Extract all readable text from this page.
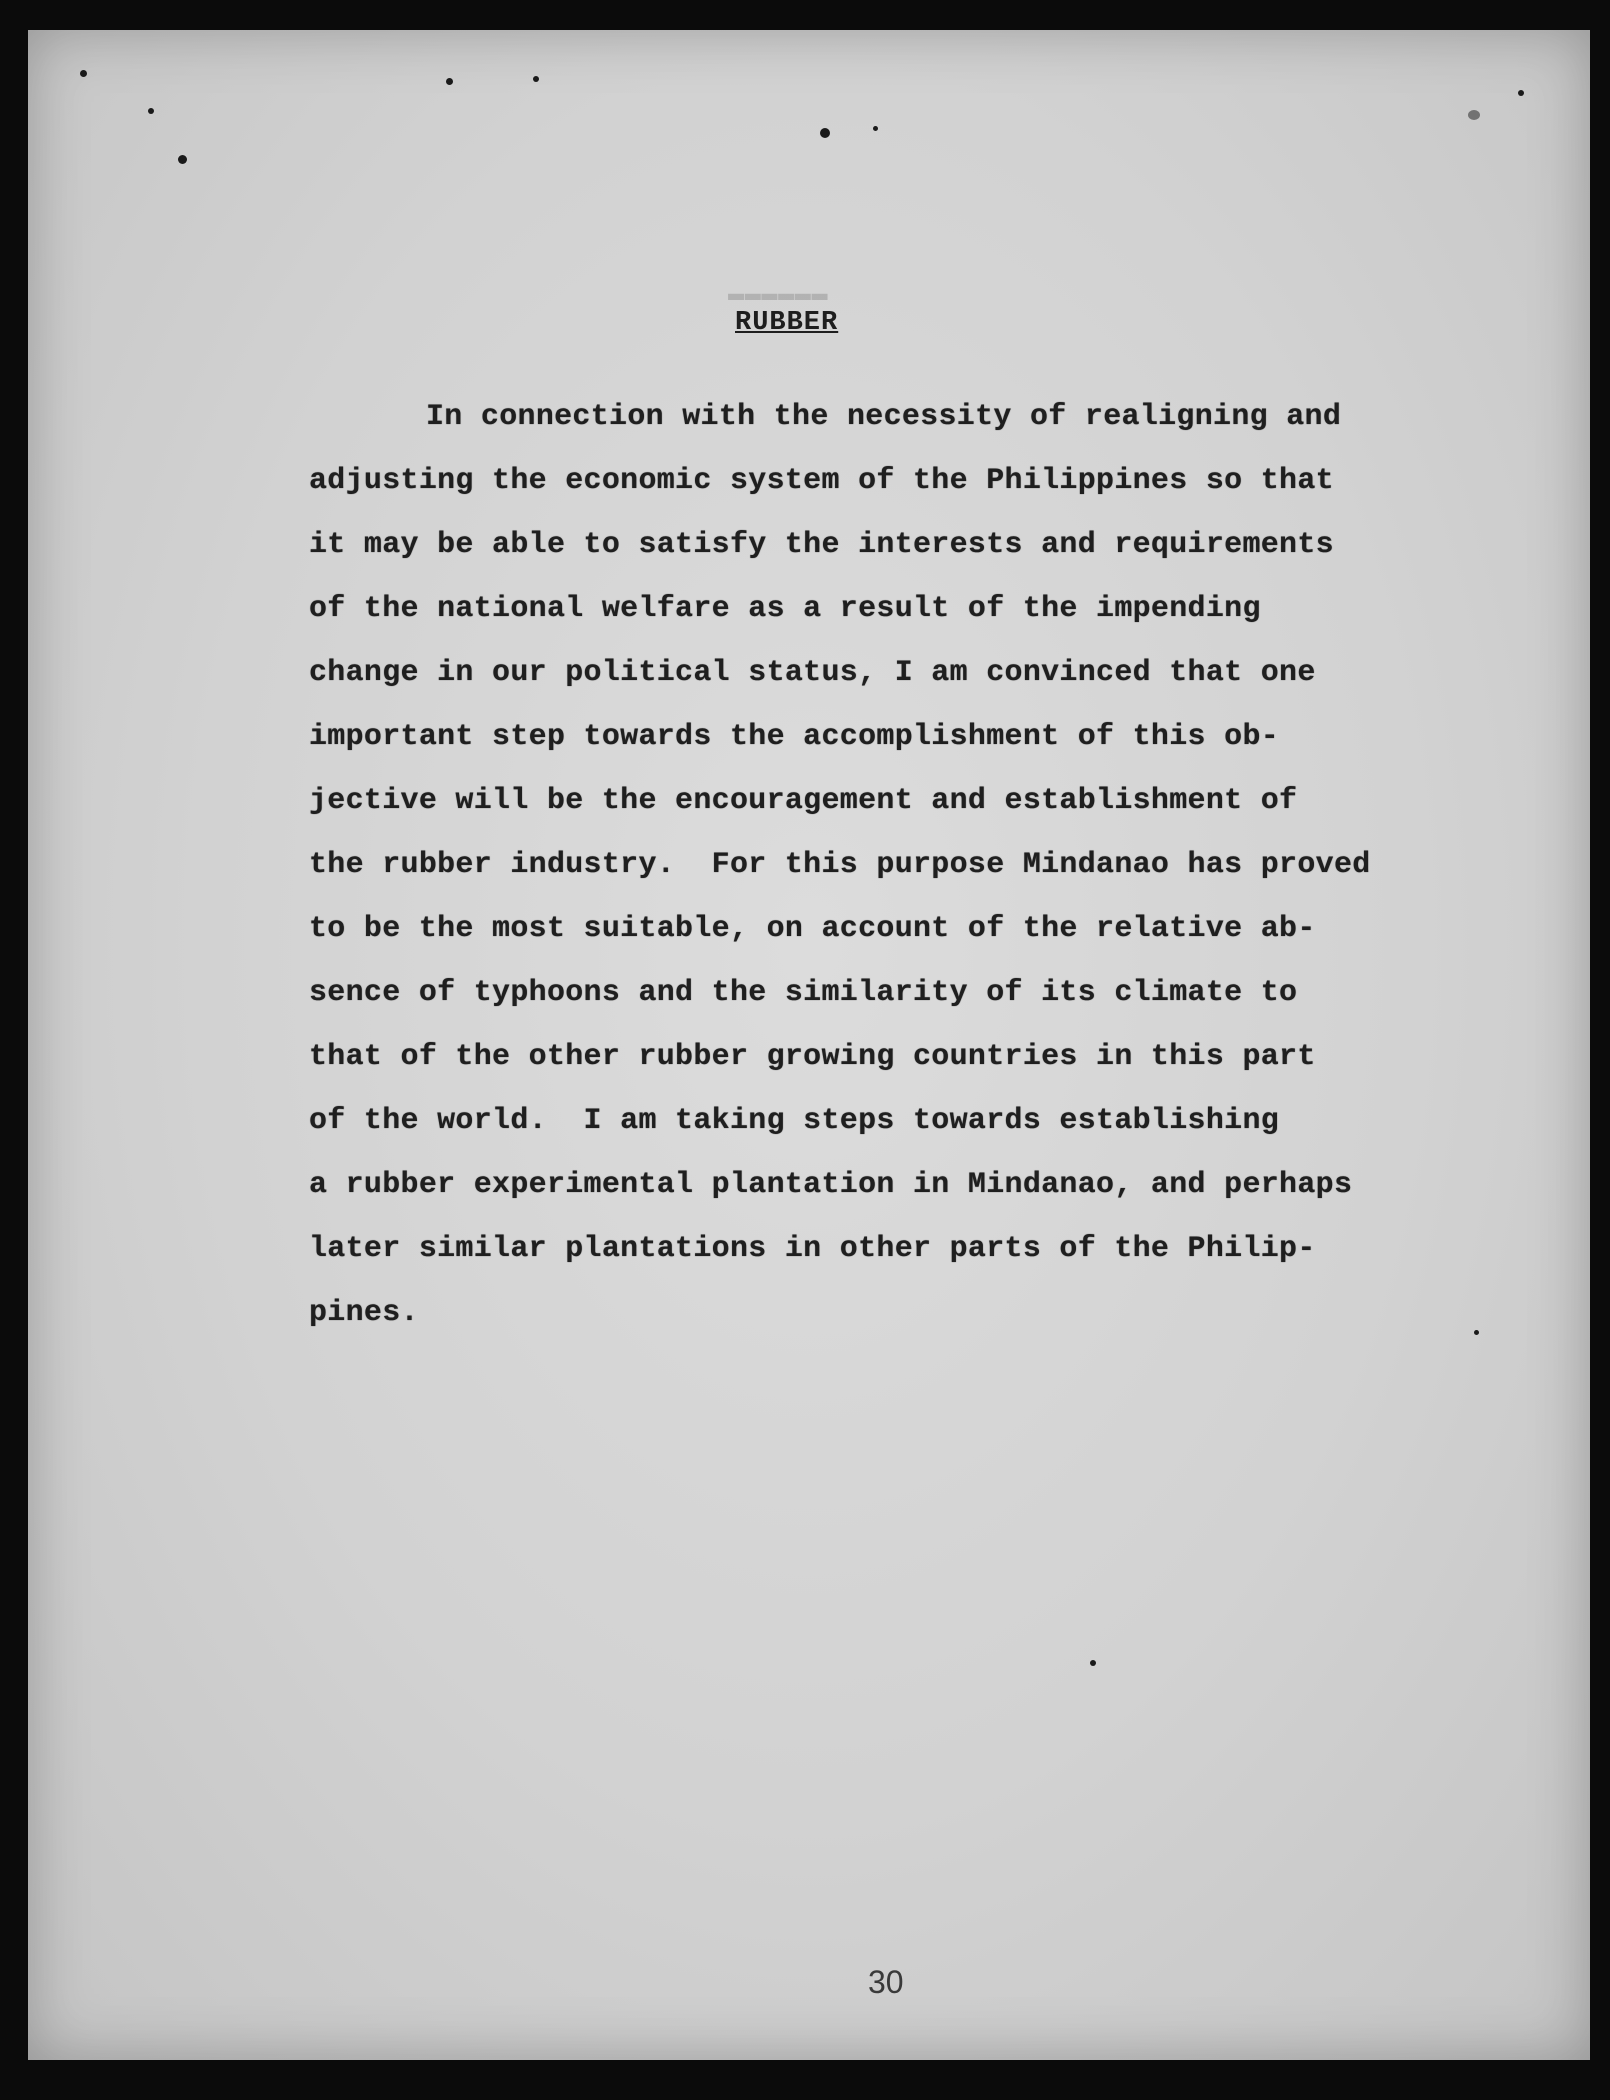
▬▬▬▬▬▬
RUBBER
In connection with the necessity of realigning and
adjusting the economic system of the Philippines so that
it may be able to satisfy the interests and requirements
of the national welfare as a result of the impending
change in our political status, I am convinced that one
important step towards the accomplishment of this ob-
jective will be the encouragement and establishment of
the rubber industry.  For this purpose Mindanao has proved
to be the most suitable, on account of the relative ab-
sence of typhoons and the similarity of its climate to
that of the other rubber growing countries in this part
of the world.  I am taking steps towards establishing
a rubber experimental plantation in Mindanao, and perhaps
later similar plantations in other parts of the Philip-
pines.
30
